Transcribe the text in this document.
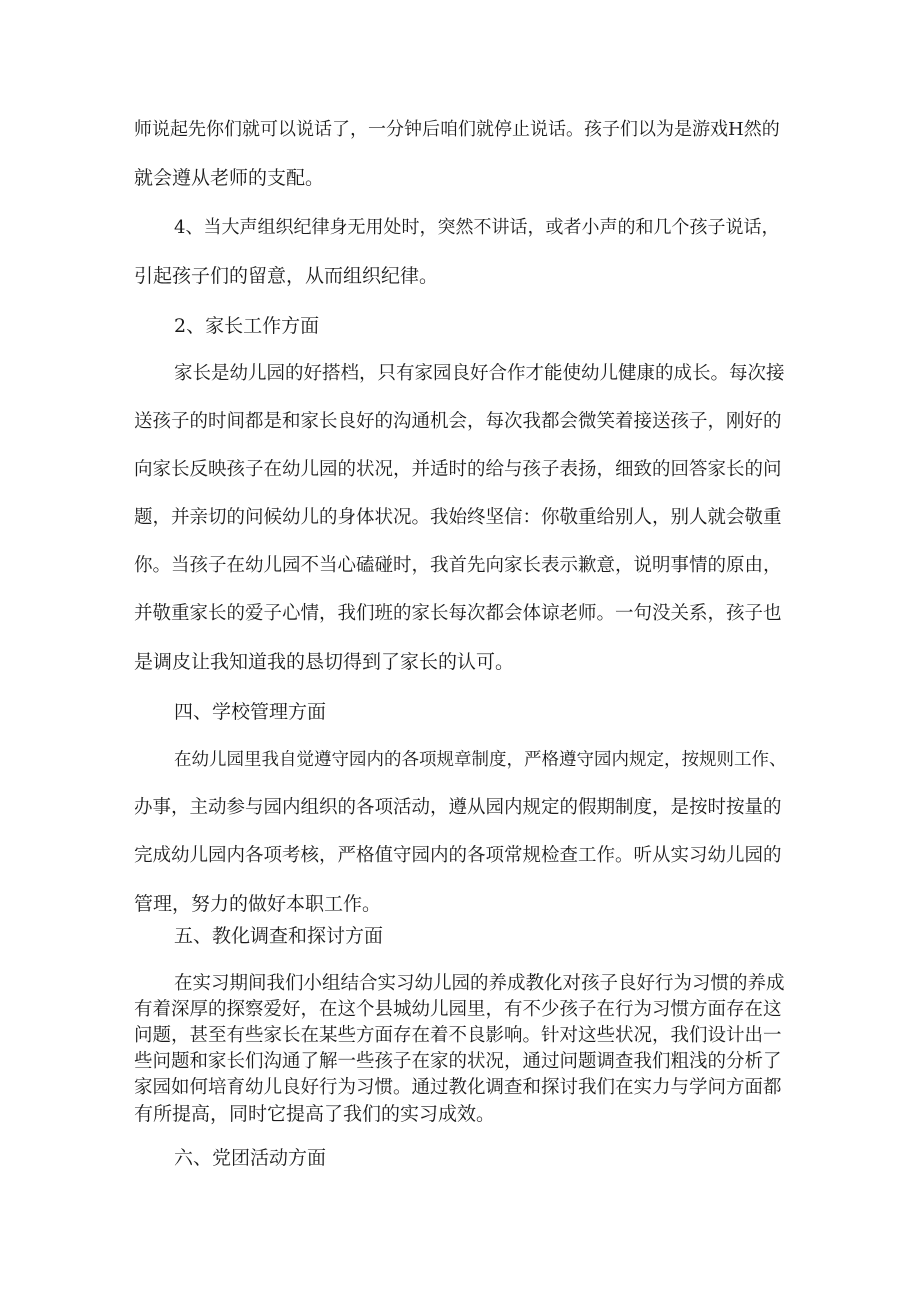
师说起先你们就可以说话了，一分钟后咱们就停止说话。孩子们以为是游戏H然的
就会遵从老师的支配。
4、当大声组织纪律身无用处时，突然不讲话，或者小声的和几个孩子说话，
引起孩子们的留意，从而组织纪律。
2、家长工作方面
家长是幼儿园的好搭档，只有家园良好合作才能使幼儿健康的成长。每次接
送孩子的时间都是和家长良好的沟通机会，每次我都会微笑着接送孩子，刚好的
向家长反映孩子在幼儿园的状况，并适时的给与孩子表扬，细致的回答家长的问
题，并亲切的问候幼儿的身体状况。我始终坚信：你敬重给别人，别人就会敬重
你。当孩子在幼儿园不当心磕碰时，我首先向家长表示歉意，说明事情的原由，
并敬重家长的爱子心情，我们班的家长每次都会体谅老师。一句没关系，孩子也
是调皮让我知道我的恳切得到了家长的认可。
四、学校管理方面
在幼儿园里我自觉遵守园内的各项规章制度，严格遵守园内规定，按规则工作、
办事，主动参与园内组织的各项活动，遵从园内规定的假期制度，是按时按量的
完成幼儿园内各项考核，严格值守园内的各项常规检查工作。听从实习幼儿园的
管理，努力的做好本职工作。
五、教化调查和探讨方面
在实习期间我们小组结合实习幼儿园的养成教化对孩子良好行为习惯的养成
有着深厚的探察爱好，在这个县城幼儿园里，有不少孩子在行为习惯方面存在这
问题，甚至有些家长在某些方面存在着不良影响。针对这些状况，我们设计出一
些问题和家长们沟通了解一些孩子在家的状况，通过问题调查我们粗浅的分析了
家园如何培育幼儿良好行为习惯。通过教化调查和探讨我们在实力与学问方面都
有所提高，同时它提高了我们的实习成效。
六、党团活动方面
